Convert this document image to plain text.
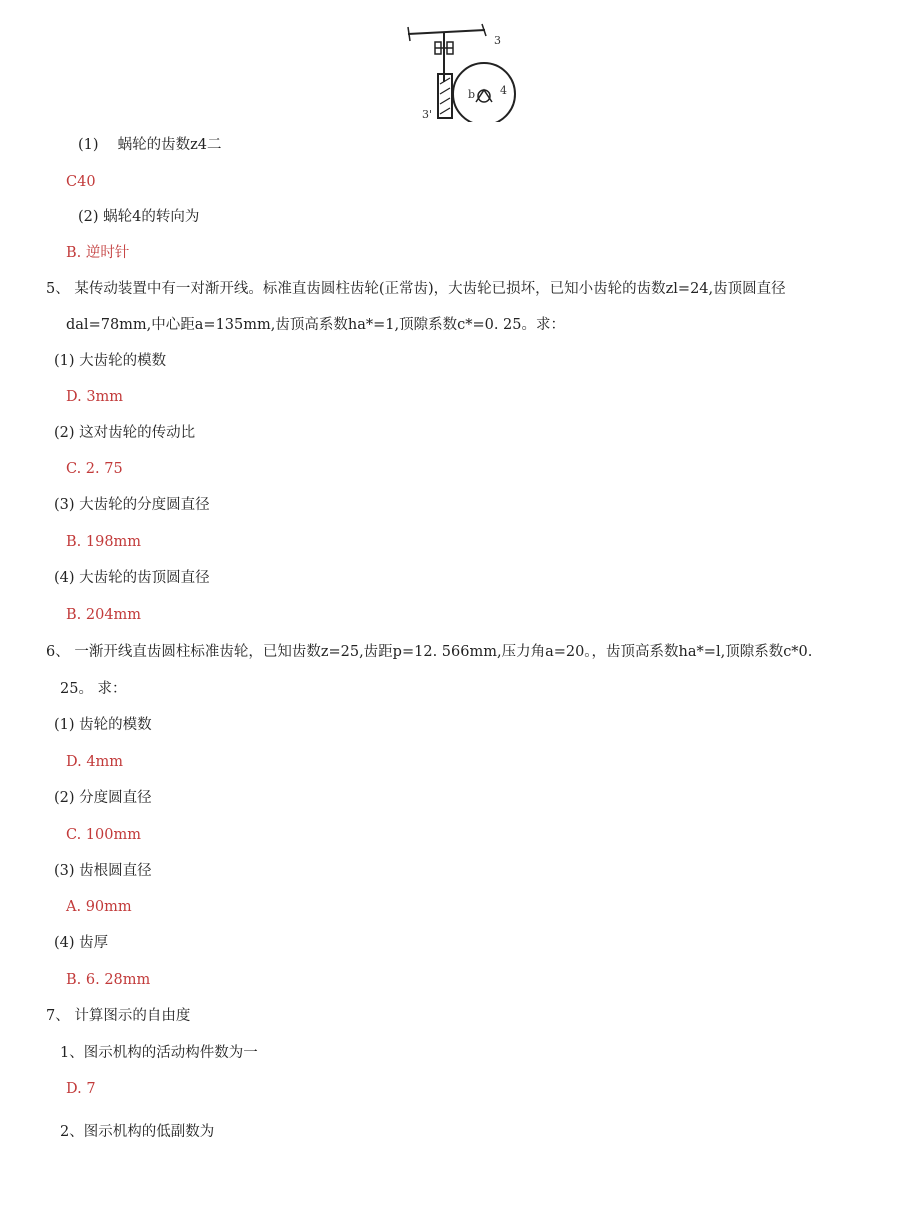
3
3'
4
b
(1)　 蜗轮的齿数z4二
C40
(2) 蜗轮4的转向为
B. 逆时针
5、 某传动装置中有一对渐开线。标准直齿圆柱齿轮(正常齿)，大齿轮已损坏，已知小齿轮的齿数zl=24,齿顶圆直径
dal=78mm,中心距a=135mm,齿顶高系数ha*=1,顶隙系数c*=0. 25。求：
(1) 大齿轮的模数
D. 3mm
(2) 这对齿轮的传动比
C. 2. 75
(3) 大齿轮的分度圆直径
B. 198mm
(4) 大齿轮的齿顶圆直径
B. 204mm
6、 一渐开线直齿圆柱标准齿轮，已知齿数z=25,齿距p=12. 566mm,压力角a=20。，齿顶高系数ha*=l,顶隙系数c*0.
25。 求：
(1) 齿轮的模数
D. 4mm
(2) 分度圆直径
C. 100mm
(3) 齿根圆直径
A. 90mm
(4) 齿厚
B. 6. 28mm
7、 计算图示的自由度
1、图示机构的活动构件数为一
D. 7
2、图示机构的低副数为
